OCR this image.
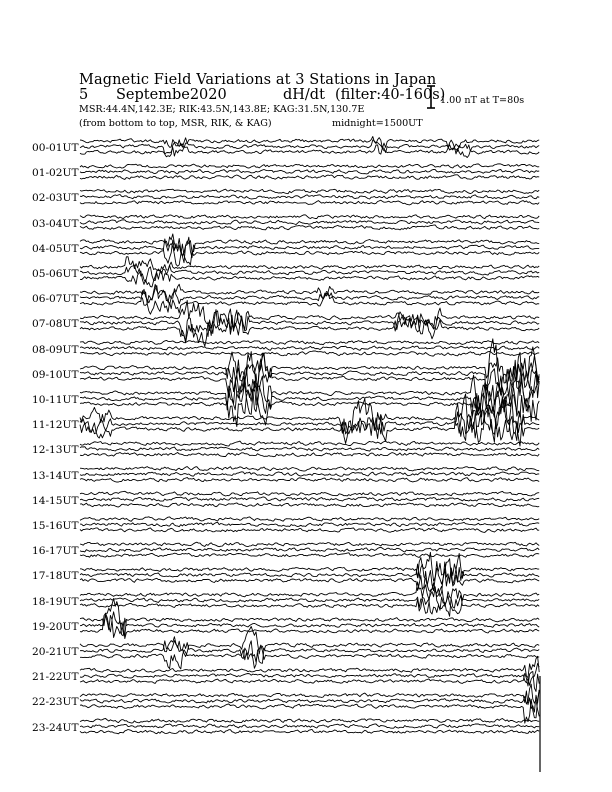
Magnetic Field Variations at 3 Stations in Japan
5 Septembe2020	dH/dt (filter:40-160s)
MSR:44.4N,142.3E; RIK:43.5N,143.8E; KAG:31.5N,130.7E
(from bottom to top, MSR, RIK, & KAG)	midnight=1500UT
1.00 nT at T=80s
00-01UT
01-02UT
02-03UT
03-04UT
04-05UT
05-06UT
06-07UT
07-08UT
08-09UT
09-10UT
10-11UT
11-12UT
12-13UT
13-14UT
14-15UT
15-16UT
16-17UT
17-18UT
18-19UT
19-20UT
20-21UT
21-22UT
22-23UT
23-24UT
